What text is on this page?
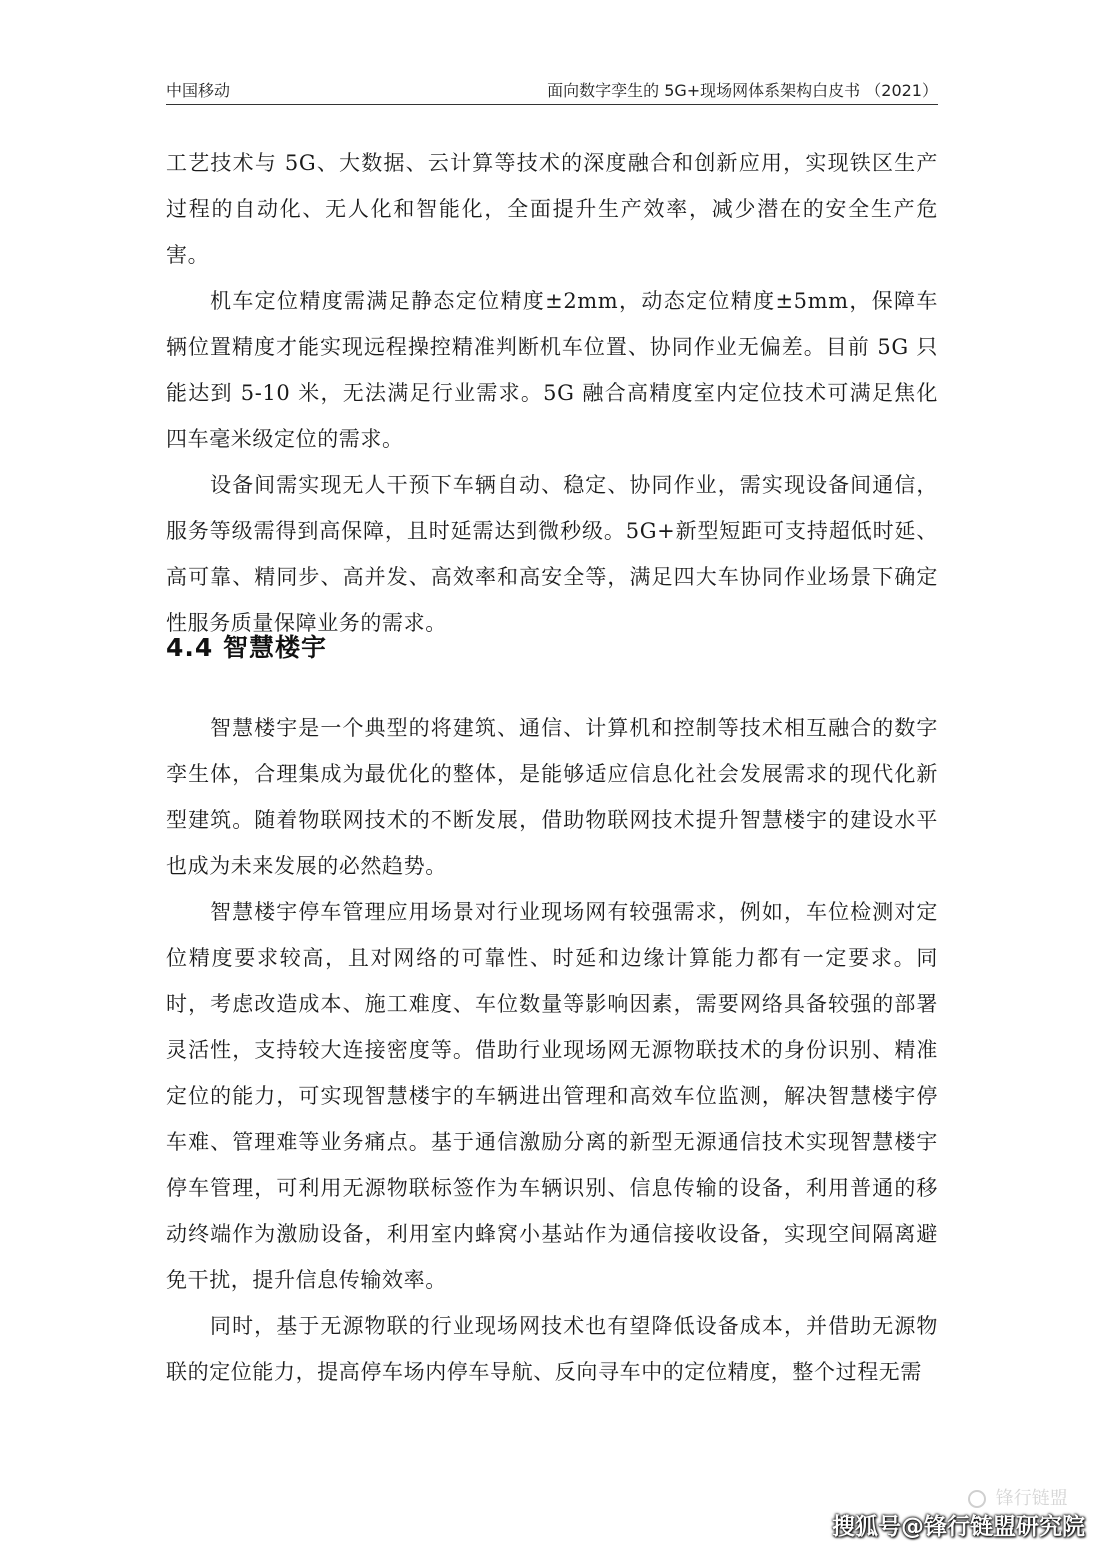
中国移动	面向数字孪生的 5G+现场网体系架构白皮书 （2021）

工艺技术与 5G、大数据、云计算等技术的深度融合和创新应用，实现铁区生产过程的自动化、无人化和智能化，全面提升生产效率，减少潜在的安全生产危害。

机车定位精度需满足静态定位精度±2mm，动态定位精度±5mm，保障车辆位置精度才能实现远程操控精准判断机车位置、协同作业无偏差。目前 5G 只能达到 5-10 米，无法满足行业需求。5G 融合高精度室内定位技术可满足焦化四车毫米级定位的需求。

设备间需实现无人干预下车辆自动、稳定、协同作业，需实现设备间通信，服务等级需得到高保障，且时延需达到微秒级。5G+新型短距可支持超低时延、高可靠、精同步、高并发、高效率和高安全等，满足四大车协同作业场景下确定性服务质量保障业务的需求。

4.4 智慧楼宇

智慧楼宇是一个典型的将建筑、通信、计算机和控制等技术相互融合的数字孪生体，合理集成为最优化的整体，是能够适应信息化社会发展需求的现代化新型建筑。随着物联网技术的不断发展，借助物联网技术提升智慧楼宇的建设水平也成为未来发展的必然趋势。

智慧楼宇停车管理应用场景对行业现场网有较强需求，例如，车位检测对定位精度要求较高，且对网络的可靠性、时延和边缘计算能力都有一定要求。同时，考虑改造成本、施工难度、车位数量等影响因素，需要网络具备较强的部署灵活性，支持较大连接密度等。借助行业现场网无源物联技术的身份识别、精准定位的能力，可实现智慧楼宇的车辆进出管理和高效车位监测，解决智慧楼宇停车难、管理难等业务痛点。基于通信激励分离的新型无源通信技术实现智慧楼宇停车管理，可利用无源物联标签作为车辆识别、信息传输的设备，利用普通的移动终端作为激励设备，利用室内蜂窝小基站作为通信接收设备，实现空间隔离避免干扰，提升信息传输效率。

同时，基于无源物联的行业现场网技术也有望降低设备成本，并借助无源物联的定位能力，提高停车场内停车导航、反向寻车中的定位精度，整个过程无需

锋行链盟
搜狐号@锋行链盟研究院
